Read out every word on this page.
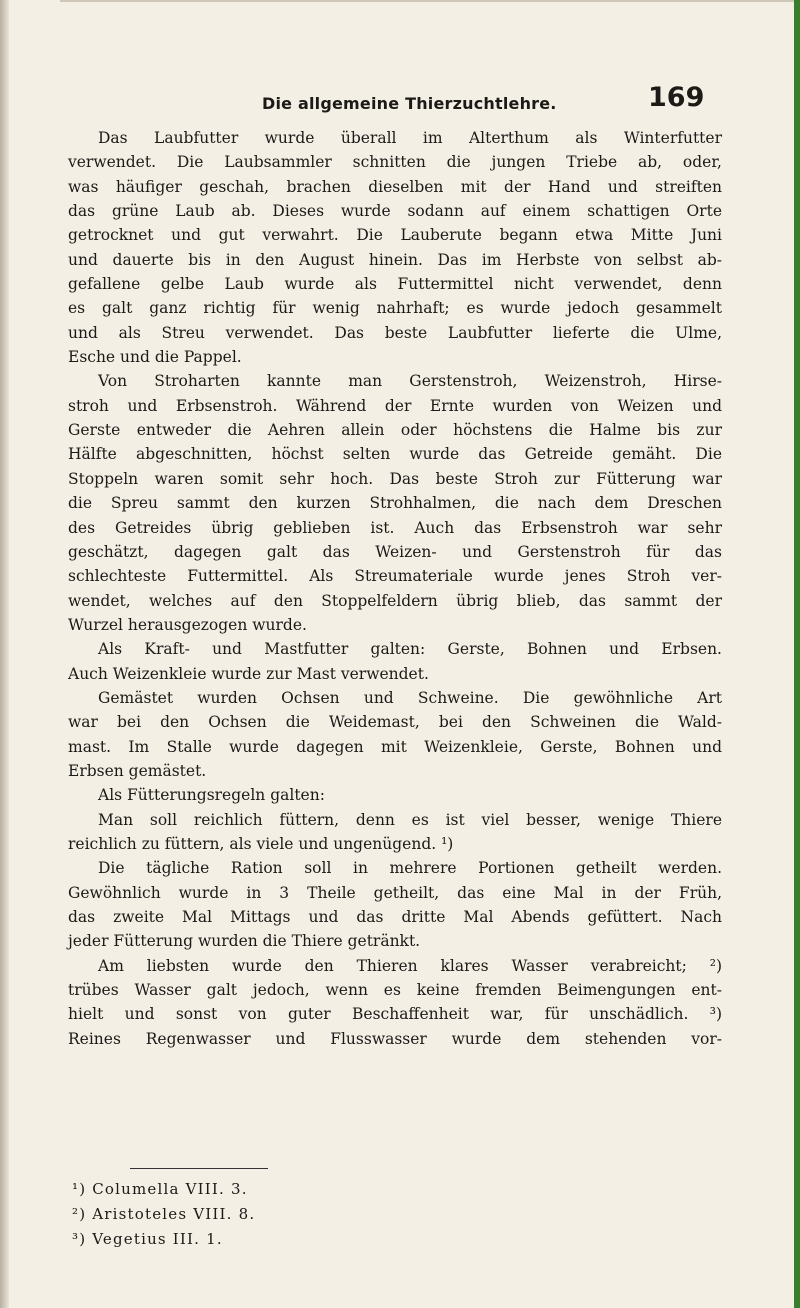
Die allgemeine Thierzuchtlehre.	169
Das Laubfutter wurde überall im Alterthum als Winterfutter
verwendet. Die Laubsammler schnitten die jungen Triebe ab, oder,
was häufiger geschah, brachen dieselben mit der Hand und streiften
das grüne Laub ab. Dieses wurde sodann auf einem schattigen Orte
getrocknet und gut verwahrt. Die Lauberute begann etwa Mitte Juni
und dauerte bis in den August hinein. Das im Herbste von selbst ab-
gefallene gelbe Laub wurde als Futtermittel nicht verwendet, denn
es galt ganz richtig für wenig nahrhaft; es wurde jedoch gesammelt
und als Streu verwendet. Das beste Laubfutter lieferte die Ulme,
Esche und die Pappel.
Von Stroharten kannte man Gerstenstroh, Weizenstroh, Hirse-
stroh und Erbsenstroh. Während der Ernte wurden von Weizen und
Gerste entweder die Aehren allein oder höchstens die Halme bis zur
Hälfte abgeschnitten, höchst selten wurde das Getreide gemäht. Die
Stoppeln waren somit sehr hoch. Das beste Stroh zur Fütterung war
die Spreu sammt den kurzen Strohhalmen, die nach dem Dreschen
des Getreides übrig geblieben ist. Auch das Erbsenstroh war sehr
geschätzt, dagegen galt das Weizen- und Gerstenstroh für das
schlechteste Futtermittel. Als Streumateriale wurde jenes Stroh ver-
wendet, welches auf den Stoppelfeldern übrig blieb, das sammt der
Wurzel herausgezogen wurde.
Als Kraft- und Mastfutter galten: Gerste, Bohnen und Erbsen.
Auch Weizenkleie wurde zur Mast verwendet.
Gemästet wurden Ochsen und Schweine. Die gewöhnliche Art
war bei den Ochsen die Weidemast, bei den Schweinen die Wald-
mast. Im Stalle wurde dagegen mit Weizenkleie, Gerste, Bohnen und
Erbsen gemästet.
Als Fütterungsregeln galten:
Man soll reichlich füttern, denn es ist viel besser, wenige Thiere
reichlich zu füttern, als viele und ungenügend. ¹)
Die tägliche Ration soll in mehrere Portionen getheilt werden.
Gewöhnlich wurde in 3 Theile getheilt, das eine Mal in der Früh,
das zweite Mal Mittags und das dritte Mal Abends gefüttert. Nach
jeder Fütterung wurden die Thiere getränkt.
Am liebsten wurde den Thieren klares Wasser verabreicht; ²)
trübes Wasser galt jedoch, wenn es keine fremden Beimengungen ent-
hielt und sonst von guter Beschaffenheit war, für unschädlich. ³)
Reines Regenwasser und Flusswasser wurde dem stehenden vor-
¹) Columella VIII. 3.
²) Aristoteles VIII. 8.
³) Vegetius III. 1.
